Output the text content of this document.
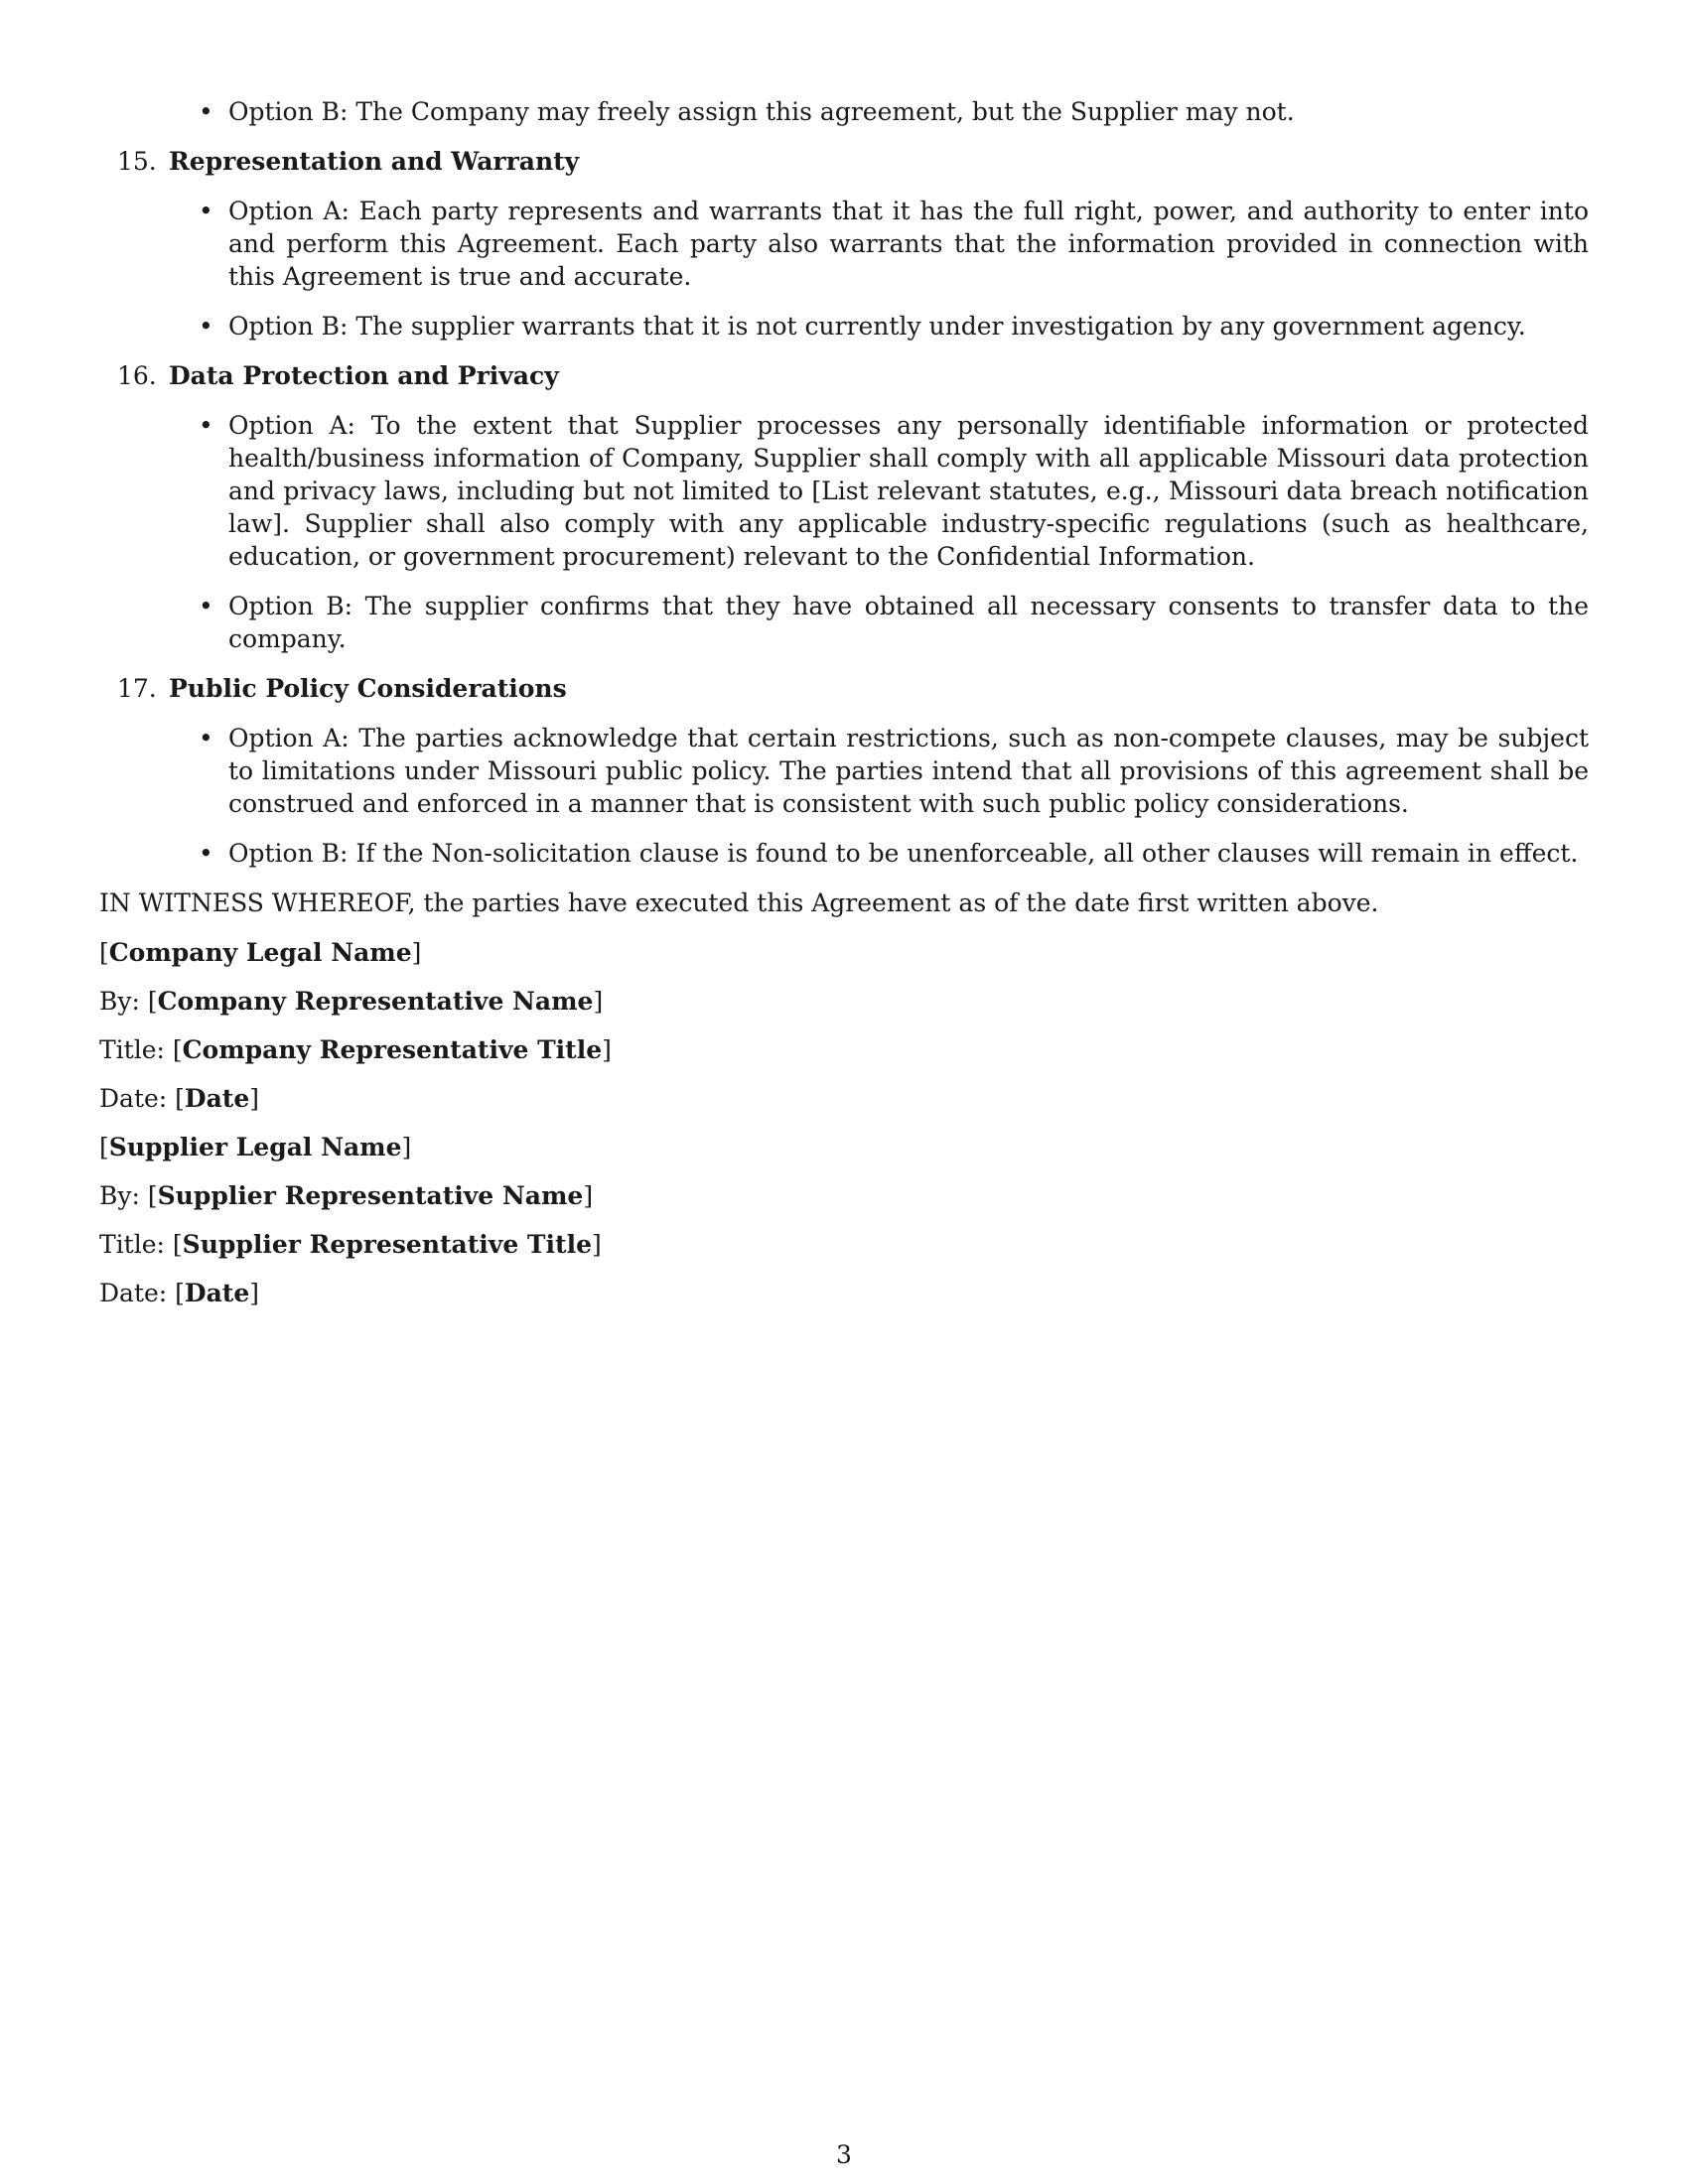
• Option B: The Company may freely assign this agreement, but the Supplier may not.
15. Representation and Warranty
• Option A: Each party represents and warrants that it has the full right, power, and authority to enter into and perform this Agreement. Each party also warrants that the information provided in connection with this Agreement is true and accurate.
• Option B: The supplier warrants that it is not currently under investigation by any government agency.
16. Data Protection and Privacy
• Option A: To the extent that Supplier processes any personally identifiable information or protected health/business information of Company, Supplier shall comply with all applicable Missouri data protection and privacy laws, including but not limited to [List relevant statutes, e.g., Missouri data breach notification law]. Supplier shall also comply with any applicable industry-specific regulations (such as healthcare, education, or government procurement) relevant to the Confidential Information.
• Option B: The supplier confirms that they have obtained all necessary consents to transfer data to the company.
17. Public Policy Considerations
• Option A: The parties acknowledge that certain restrictions, such as non-compete clauses, may be subject to limitations under Missouri public policy. The parties intend that all provisions of this agreement shall be construed and enforced in a manner that is consistent with such public policy considerations.
• Option B: If the Non-solicitation clause is found to be unenforceable, all other clauses will remain in effect.
IN WITNESS WHEREOF, the parties have executed this Agreement as of the date first written above.
[Company Legal Name]
By: [Company Representative Name]
Title: [Company Representative Title]
Date: [Date]
[Supplier Legal Name]
By: [Supplier Representative Name]
Title: [Supplier Representative Title]
Date: [Date]
3
